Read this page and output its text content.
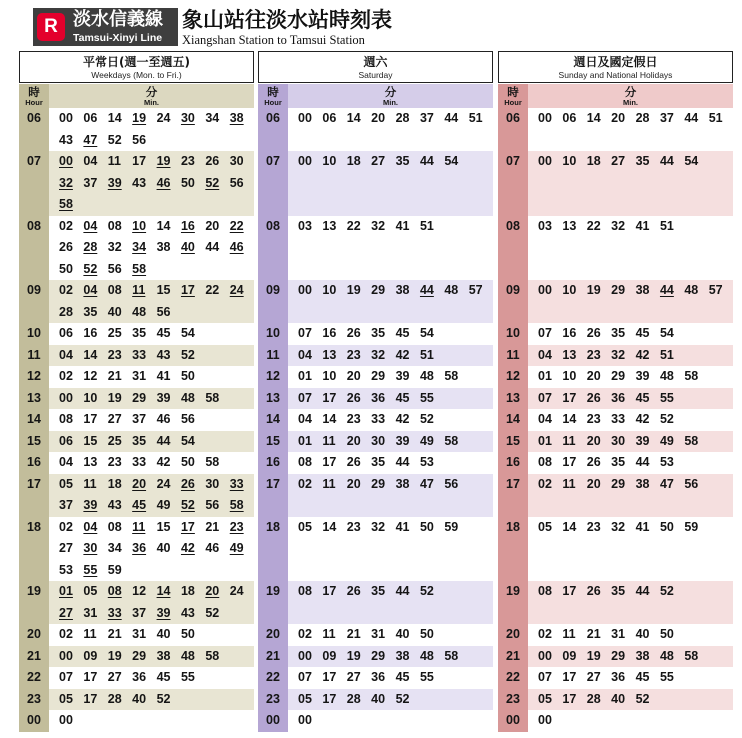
R 淡水信義線
Tamsui-Xinyi Line
象山站往淡水站時刻表
Xiangshan Station to Tamsui Station
平常日(週一至週五)
Weekdays (Mon. to Fri.)
時
Hour
分
Min.
06	00 06 14 19 24 30 34 38
43 47 52 56
07	00 04 11 17 19 23 26 30
32 37 39 43 46 50 52 56
58
08	02 04 08 10 14 16 20 22
26 28 32 34 38 40 44 46
50 52 56 58
09	02 04 08 11 15 17 22 24
28 35 40 48 56
10	06 16 25 35 45 54
11	04 14 23 33 43 52
12	02 12 21 31 41 50
13	00 10 19 29 39 48 58
14	08 17 27 37 46 56
15	06 15 25 35 44 54
16	04 13 23 33 42 50 58
17	05 11 18 20 24 26 30 33
37 39 43 45 49 52 56 58
18	02 04 08 11 15 17 21 23
27 30 34 36 40 42 46 49
53 55 59
19	01 05 08 12 14 18 20 24
27 31 33 37 39 43 52
20	02 11 21 31 40 50
21	00 09 19 29 38 48 58
22	07 17 27 36 45 55
23	05 17 28 40 52
00	00
週六
Saturday
時
Hour
分
Min.
06	00 06 14 20 28 37 44 51
07	00 10 18 27 35 44 54
08	03 13 22 32 41 51
09	00 10 19 29 38 44 48 57
10	07 16 26 35 45 54
11	04 13 23 32 42 51
12	01 10 20 29 39 48 58
13	07 17 26 36 45 55
14	04 14 23 33 42 52
15	01 11 20 30 39 49 58
16	08 17 26 35 44 53
17	02 11 20 29 38 47 56
18	05 14 23 32 41 50 59
19	08 17 26 35 44 52
20	02 11 21 31 40 50
21	00 09 19 29 38 48 58
22	07 17 27 36 45 55
23	05 17 28 40 52
00	00
週日及國定假日
Sunday and National Holidays
時
Hour
分
Min.
06	00 06 14 20 28 37 44 51
07	00 10 18 27 35 44 54
08	03 13 22 32 41 51
09	00 10 19 29 38 44 48 57
10	07 16 26 35 45 54
11	04 13 23 32 42 51
12	01 10 20 29 39 48 58
13	07 17 26 36 45 55
14	04 14 23 33 42 52
15	01 11 20 30 39 49 58
16	08 17 26 35 44 53
17	02 11 20 29 38 47 56
18	05 14 23 32 41 50 59
19	08 17 26 35 44 52
20	02 11 21 31 40 50
21	00 09 19 29 38 48 58
22	07 17 27 36 45 55
23	05 17 28 40 52
00	00
